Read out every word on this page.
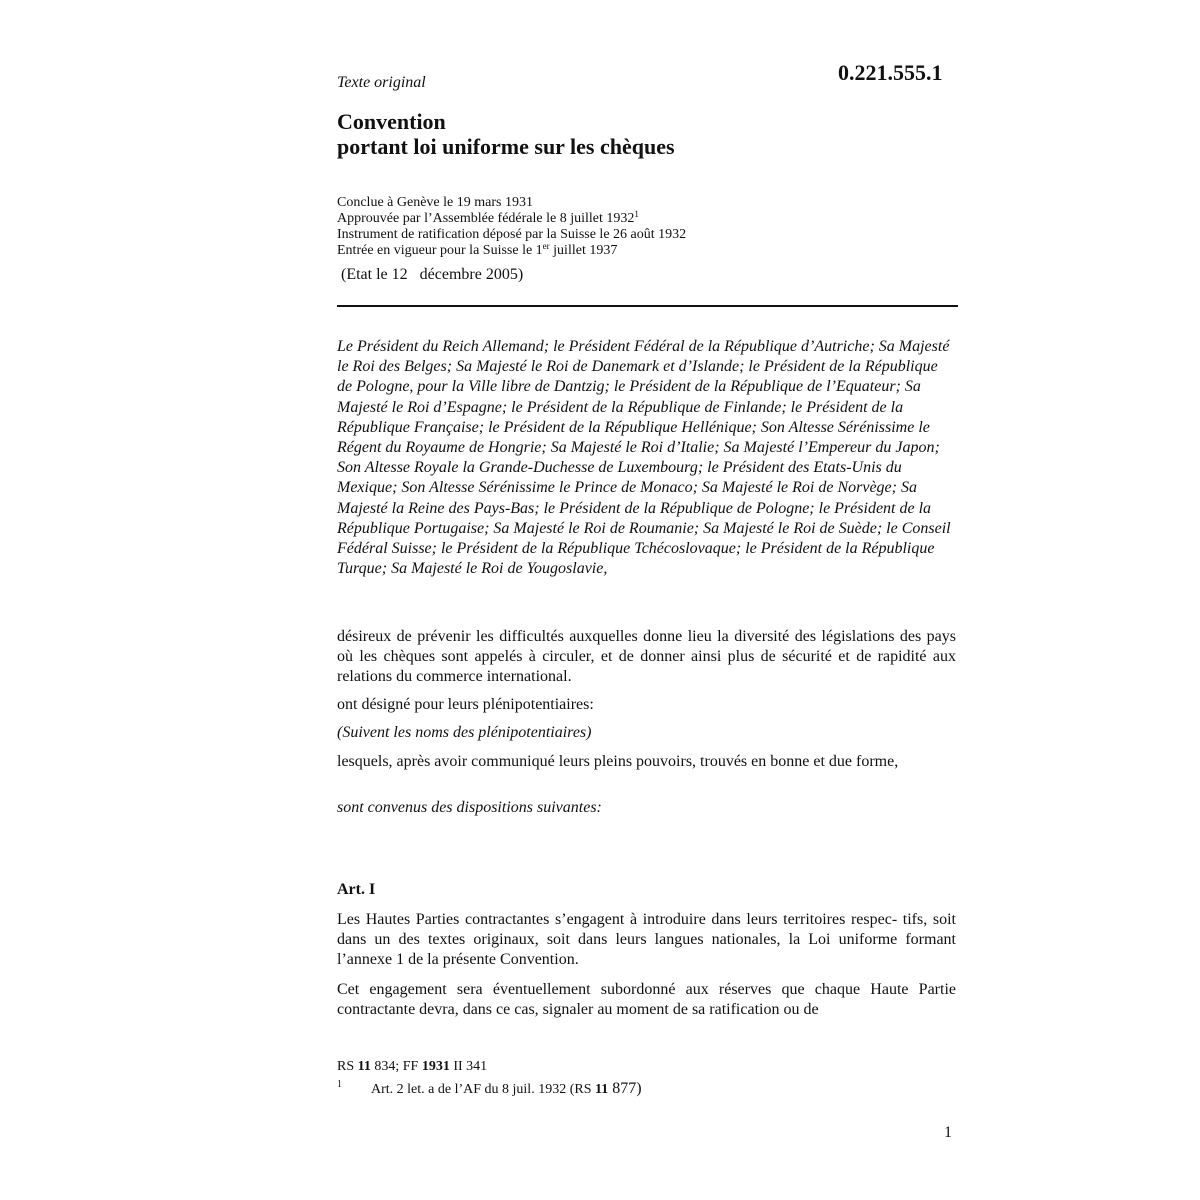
Texte original	0.221.555.1
Convention
portant loi uniforme sur les chèques
Conclue à Genève le 19 mars 1931
Approuvée par l’Assemblée fédérale le 8 juillet 1932$^1$
Instrument de ratification déposé par la Suisse le 26 août 1932
Entrée en vigueur pour la Suisse le 1er juillet 1937
(Etat le 12   décembre 2005)
Le Président du Reich Allemand; le Président Fédéral de la République d’Autriche; Sa Majesté le Roi des Belges; Sa Majesté le Roi de Danemark et d’Islande; le Président de la République de Pologne, pour la Ville libre de Dantzig; le Président de la République de l’Equateur; Sa Majesté le Roi d’Espagne; le Président de la République de Finlande; le Président de la République Française; le Président de la République Hellénique; Son Altesse Sérénissime le Régent du Royaume de Hongrie; Sa Majesté le Roi d’Italie; Sa Majesté l’Empereur du Japon; Son Altesse Royale la Grande-Duchesse de Luxembourg; le Président des Etats-Unis du Mexique; Son Altesse Sérénissime le Prince de Monaco; Sa Majesté le Roi de Norvège; Sa Majesté la Reine des Pays-Bas; le Président de la République de Pologne; le Président de la République Portugaise; Sa Majesté le Roi de Roumanie; Sa Majesté le Roi de Suède; le Conseil Fédéral Suisse; le Président de la République Tchécoslovaque; le Président de la République Turque; Sa Majesté le Roi de Yougoslavie,
désireux de prévenir les difficultés auxquelles donne lieu la diversité des législations des pays où les chèques sont appelés à circuler, et de donner ainsi plus de sécurité et de rapidité aux relations du commerce international.
ont désigné pour leurs plénipotentiaires:
(Suivent les noms des plénipotentiaires)
lesquels, après avoir communiqué leurs pleins pouvoirs, trouvés en bonne et due forme,
sont convenus des dispositions suivantes:
Art. I
Les Hautes Parties contractantes s’engagent à introduire dans leurs territoires respec- tifs, soit dans un des textes originaux, soit dans leurs langues nationales, la Loi uniforme formant l’annexe 1 de la présente Convention.
Cet engagement sera éventuellement subordonné aux réserves que chaque Haute Partie contractante devra, dans ce cas, signaler au moment de sa ratification ou de
RS 11 834; FF 1931 II 341
1 Art. 2 let. a de l’AF du 8 juil. 1932 (RS 11 877)
1
